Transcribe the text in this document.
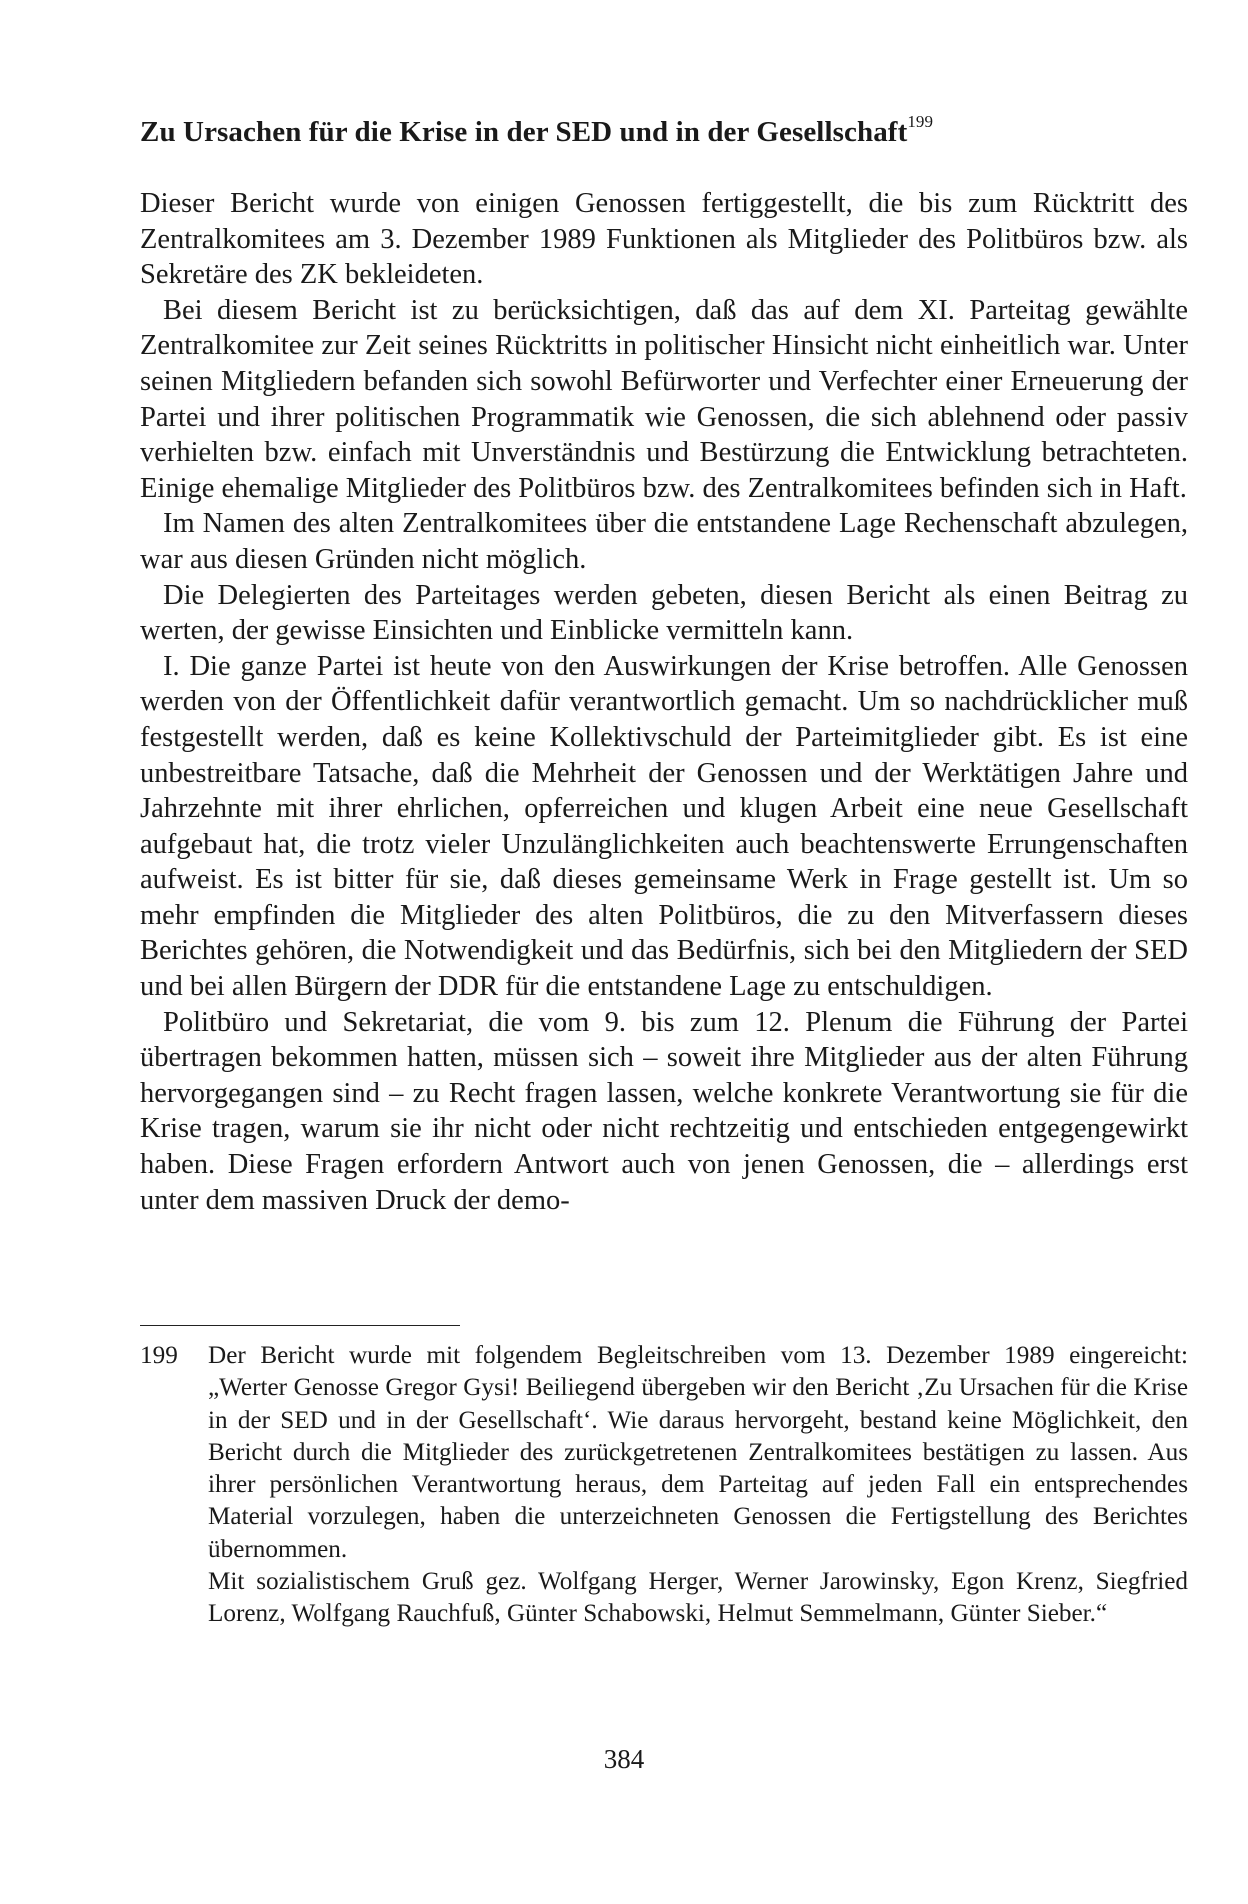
Zu Ursachen für die Krise in der SED und in der Gesellschaft$^{199}$

Dieser Bericht wurde von einigen Genossen fertiggestellt, die bis zum Rücktritt des Zentralkomitees am 3. Dezember 1989 Funktionen als Mitglieder des Politbüros bzw. als Sekretäre des ZK bekleideten.

Bei diesem Bericht ist zu berücksichtigen, daß das auf dem XI. Parteitag gewählte Zentralkomitee zur Zeit seines Rücktritts in politischer Hinsicht nicht einheitlich war. Unter seinen Mitgliedern befanden sich sowohl Befürworter und Verfechter einer Erneuerung der Partei und ihrer politischen Programmatik wie Genossen, die sich ablehnend oder passiv verhielten bzw. einfach mit Unverständnis und Bestürzung die Entwicklung betrachteten. Einige ehemalige Mitglieder des Politbüros bzw. des Zentralkomitees befinden sich in Haft.

Im Namen des alten Zentralkomitees über die entstandene Lage Rechenschaft abzulegen, war aus diesen Gründen nicht möglich.

Die Delegierten des Parteitages werden gebeten, diesen Bericht als einen Beitrag zu werten, der gewisse Einsichten und Einblicke vermitteln kann.

I. Die ganze Partei ist heute von den Auswirkungen der Krise betroffen. Alle Genossen werden von der Öffentlichkeit dafür verantwortlich gemacht. Um so nachdrücklicher muß festgestellt werden, daß es keine Kollektivschuld der Parteimitglieder gibt. Es ist eine unbestreitbare Tatsache, daß die Mehrheit der Genossen und der Werktätigen Jahre und Jahrzehnte mit ihrer ehrlichen, opferreichen und klugen Arbeit eine neue Gesellschaft aufgebaut hat, die trotz vieler Unzulänglichkeiten auch beachtenswerte Errungenschaften aufweist. Es ist bitter für sie, daß dieses gemeinsame Werk in Frage gestellt ist. Um so mehr empfinden die Mitglieder des alten Politbüros, die zu den Mitverfassern dieses Berichtes gehören, die Notwendigkeit und das Bedürfnis, sich bei den Mitgliedern der SED und bei allen Bürgern der DDR für die entstandene Lage zu entschuldigen.

Politbüro und Sekretariat, die vom 9. bis zum 12. Plenum die Führung der Partei übertragen bekommen hatten, müssen sich – soweit ihre Mitglieder aus der alten Führung hervorgegangen sind – zu Recht fragen lassen, welche konkrete Verantwortung sie für die Krise tragen, warum sie ihr nicht oder nicht rechtzeitig und entschieden entgegengewirkt haben. Diese Fragen erfordern Antwort auch von jenen Genossen, die – allerdings erst unter dem massiven Druck der demo-

199 Der Bericht wurde mit folgendem Begleitschreiben vom 13. Dezember 1989 eingereicht: „Werter Genosse Gregor Gysi! Beiliegend übergeben wir den Bericht ‚Zu Ursachen für die Krise in der SED und in der Gesellschaft‘. Wie daraus hervorgeht, bestand keine Möglichkeit, den Bericht durch die Mitglieder des zurückgetretenen Zentralkomitees bestätigen zu lassen. Aus ihrer persönlichen Verantwortung heraus, dem Parteitag auf jeden Fall ein entsprechendes Material vorzulegen, haben die unterzeichneten Genossen die Fertigstellung des Berichtes übernommen.

Mit sozialistischem Gruß gez. Wolfgang Herger, Werner Jarowinsky, Egon Krenz, Siegfried Lorenz, Wolfgang Rauchfuß, Günter Schabowski, Helmut Semmelmann, Günter Sieber.“

384
